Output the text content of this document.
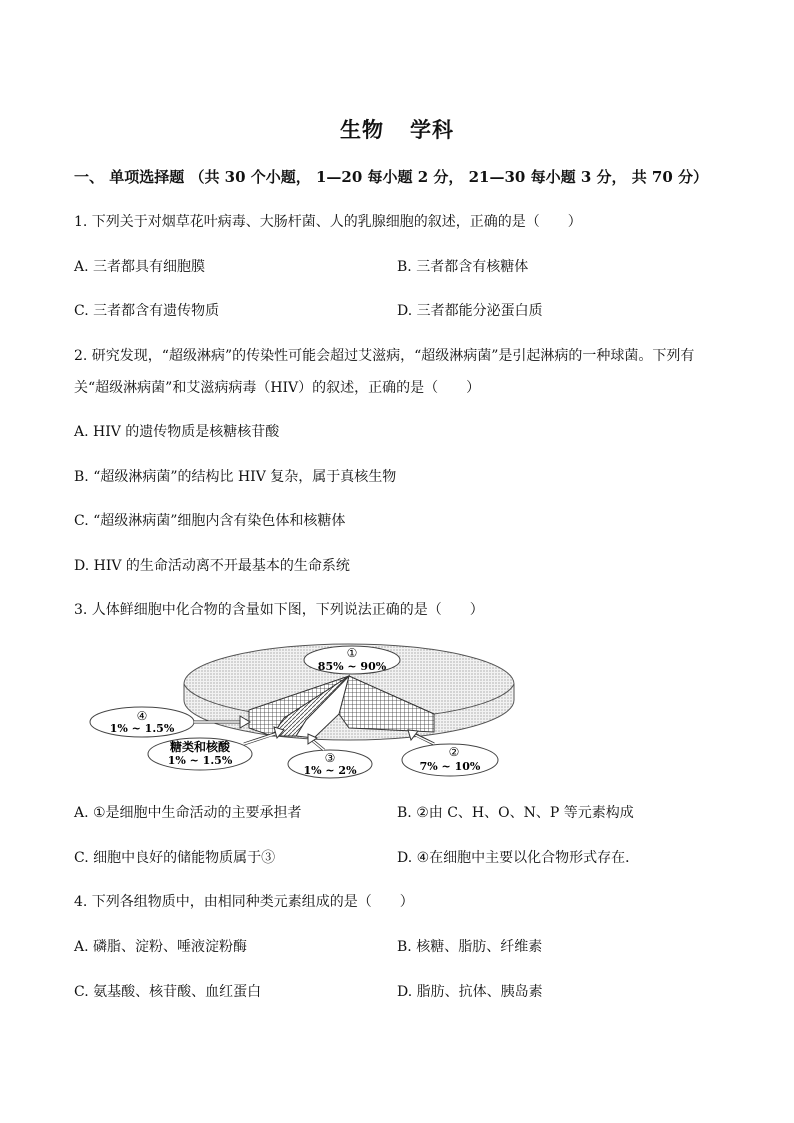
生物 学科
一、 单项选择题 （共 30 个小题， 1—20 每小题 2 分， 21—30 每小题 3 分， 共 70 分）
1. 下列关于对烟草花叶病毒、大肠杆菌、人的乳腺细胞的叙述，正确的是（　　）
A. 三者都具有细胞膜	B. 三者都含有核糖体
C. 三者都含有遗传物质	D. 三者都能分泌蛋白质
2. 研究发现，“超级淋病”的传染性可能会超过艾滋病，“超级淋病菌”是引起淋病的一种球菌。下列有
关“超级淋病菌”和艾滋病病毒（HIV）的叙述，正确的是（　　）
A. HIV 的遗传物质是核糖核苷酸
B. “超级淋病菌”的结构比 HIV 复杂，属于真核生物
C. “超级淋病菌”细胞内含有染色体和核糖体
D. HIV 的生命活动离不开最基本的生命系统
3. 人体鲜细胞中化合物的含量如下图，下列说法正确的是（　　）
①
85% ~ 90%
④
1% ~ 1.5%
糖类和核酸
1% ~ 1.5%	③
1% ~ 2%
②
7% ~ 10%
A. ①是细胞中生命活动的主要承担者	B. ②由 C、H、O、N、P 等元素构成
C. 细胞中良好的储能物质属于③	D. ④在细胞中主要以化合物形式存在．
4. 下列各组物质中，由相同种类元素组成的是（　　）
A. 磷脂、淀粉、唾液淀粉酶	B. 核糖、脂肪、纤维素
C. 氨基酸、核苷酸、血红蛋白	D. 脂肪、抗体、胰岛素
